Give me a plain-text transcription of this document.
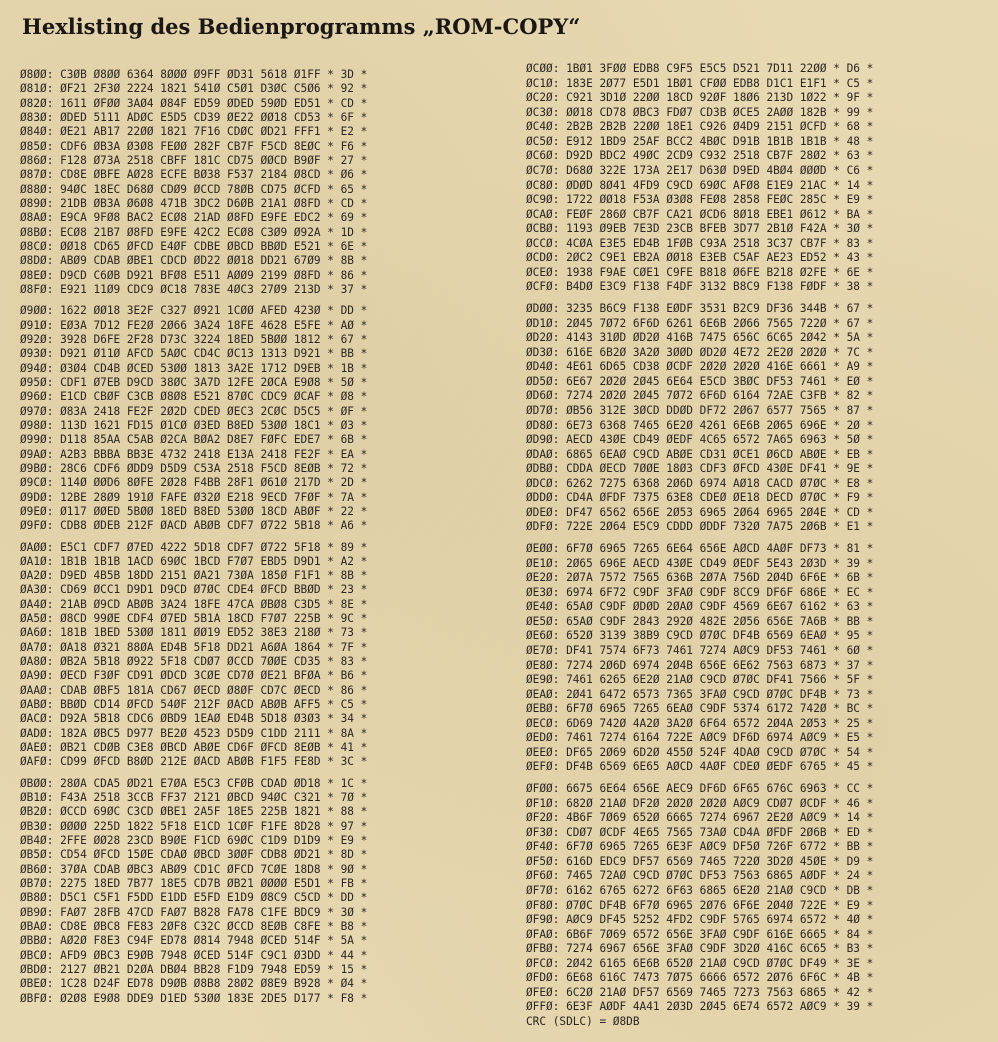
Hexlisting des Bedienprogramms „ROM-COPY“
Ø8ØØ: C3ØB Ø8ØØ 6364 8ØØØ Ø9FF ØD31 5618 Ø1FF * 3D *
Ø81Ø: ØF21 2F3Ø 2224 1821 541Ø C5Ø1 D3ØC C5Ø6 * 92 *
Ø82Ø: 1611 ØFØØ 3AØ4 Ø84F ED59 ØDED 59ØD ED51 * CD *
Ø83Ø: ØDED 5111 ADØC E5D5 CD39 ØE22 ØØ18 CD53 * 6F *
Ø84Ø: ØE21 AB17 22ØØ 1821 7F16 CDØC ØD21 FFF1 * E2 *
Ø85Ø: CDF6 ØB3A Ø3Ø8 FEØØ 282F CB7F F5CD 8EØC * F6 *
Ø86Ø: F128 Ø73A 2518 CBFF 181C CD75 ØØCD B9ØF * 27 *
Ø87Ø: CD8E ØBFE AØ28 ECFE BØ38 F537 2184 Ø8CD * Ø6 *
Ø88Ø: 94ØC 18EC D68Ø CDØ9 ØCCD 78ØB CD75 ØCFD * 65 *
Ø89Ø: 21DB ØB3A Ø6Ø8 471B 3DC2 D6ØB 21A1 Ø8FD * CD *
Ø8AØ: E9CA 9FØ8 BAC2 ECØ8 21AD Ø8FD E9FE EDC2 * 69 *
Ø8BØ: ECØ8 21B7 Ø8FD E9FE 42C2 ECØ8 C3Ø9 Ø92A * 1D *
Ø8CØ: ØØ18 CD65 ØFCD E4ØF CDBE ØBCD BBØD E521 * 6E *
Ø8DØ: ABØ9 CDAB ØBE1 CDCD ØD22 ØØ18 DD21 67Ø9 * 8B *
Ø8EØ: D9CD C6ØB D921 BFØ8 E511 AØØ9 2199 Ø8FD * 86 *
Ø8FØ: E921 11Ø9 CDC9 ØC18 783E 4ØC3 27Ø9 213D * 37 *
Ø9ØØ: 1622 ØØ18 3E2F C327 Ø921 1CØØ AFED 423Ø * DD *
Ø91Ø: EØ3A 7D12 FE2Ø 2Ø66 3A24 18FE 4628 E5FE * AØ *
Ø92Ø: 3928 D6FE 2F28 D73C 3224 18ED 5BØØ 1812 * 67 *
Ø93Ø: D921 Ø11Ø AFCD 5AØC CD4C ØC13 1313 D921 * BB *
Ø94Ø: Ø3Ø4 CD4B ØCED 53ØØ 1813 3A2E 1712 D9EB * 1B *
Ø95Ø: CDF1 Ø7EB D9CD 38ØC 3A7D 12FE 2ØCA E9Ø8 * 5Ø *
Ø96Ø: E1CD CBØF C3CB Ø8Ø8 E521 87ØC CDC9 ØCAF * Ø8 *
Ø97Ø: Ø83A 2418 FE2F 2Ø2D CDED ØEC3 2CØC D5C5 * ØF *
Ø98Ø: 113D 1621 FD15 Ø1CØ Ø3ED B8ED 53ØØ 18C1 * Ø3 *
Ø99Ø: D118 85AA C5AB Ø2CA BØA2 D8E7 FØFC EDE7 * 6B *
Ø9AØ: A2B3 BBBA BB3E 4732 2418 E13A 2418 FE2F * EA *
Ø9BØ: 28C6 CDF6 ØDD9 D5D9 C53A 2518 F5CD 8EØB * 72 *
Ø9CØ: 114Ø ØØD6 8ØFE 2Ø28 F4BB 28F1 Ø61Ø 217D * 2D *
Ø9DØ: 12BE 28Ø9 191Ø FAFE Ø32Ø E218 9ECD 7FØF * 7A *
Ø9EØ: Ø117 ØØED 5BØØ 18ED B8ED 53ØØ 18CD ABØF * 22 *
Ø9FØ: CDB8 ØDEB 212F ØACD ABØB CDF7 Ø722 5B18 * A6 *
ØAØØ: E5C1 CDF7 Ø7ED 4222 5D18 CDF7 Ø722 5F18 * 89 *
ØA1Ø: 1B1B 1B1B 1ACD 69ØC 1BCD F7Ø7 EBD5 D9D1 * A2 *
ØA2Ø: D9ED 4B5B 18DD 2151 ØA21 73ØA 185Ø F1F1 * 8B *
ØA3Ø: CD69 ØCC1 D9D1 D9CD Ø7ØC CDE4 ØFCD BBØD * 23 *
ØA4Ø: 21AB Ø9CD ABØB 3A24 18FE 47CA ØBØ8 C3D5 * 8E *
ØA5Ø: Ø8CD 99ØE CDF4 Ø7ED 5B1A 18CD F7Ø7 225B * 9C *
ØA6Ø: 181B 1BED 53ØØ 1811 ØØ19 ED52 38E3 218Ø * 73 *
ØA7Ø: ØA18 Ø321 88ØA ED4B 5F18 DD21 A6ØA 1864 * 7F *
ØA8Ø: ØB2A 5B18 Ø922 5F18 CDØ7 ØCCD 7ØØE CD35 * 83 *
ØA9Ø: ØECD F3ØF CD91 ØDCD 3CØE CD7Ø ØE21 BFØA * B6 *
ØAAØ: CDAB ØBF5 181A CD67 ØECD Ø8ØF CD7C ØECD * 86 *
ØABØ: BBØD CD14 ØFCD 54ØF 212F ØACD ABØB AFF5 * C5 *
ØACØ: D92A 5B18 CDC6 ØBD9 1EAØ ED4B 5D18 Ø3Ø3 * 34 *
ØADØ: 182A ØBC5 D977 BE2Ø 4523 D5D9 C1DD 2111 * 8A *
ØAEØ: ØB21 CDØB C3E8 ØBCD ABØE CD6F ØFCD 8EØB * 41 *
ØAFØ: CD99 ØFCD B8ØD 212E ØACD ABØB F1F5 FE8D * 3C *
ØBØØ: 28ØA CDA5 ØD21 E7ØA E5C3 CFØB CDAD ØD18 * 1C *
ØB1Ø: F43A 2518 3CCB FF37 2121 ØBCD 94ØC C321 * 7Ø *
ØB2Ø: ØCCD 69ØC C3CD ØBE1 2A5F 18E5 225B 1821 * 88 *
ØB3Ø: ØØØØ 225D 1822 5F18 E1CD 1CØF F1FE 8D28 * 97 *
ØB4Ø: 2FFE ØØ28 23CD B9ØE F1CD 69ØC C1D9 D1D9 * E9 *
ØB5Ø: CD54 ØFCD 15ØE CDAØ ØBCD 3ØØF CDB8 ØD21 * 8D *
ØB6Ø: 37ØA CDAB ØBC3 ABØ9 CD1C ØFCD 7CØE 18D8 * 9Ø *
ØB7Ø: 2275 18ED 7B77 18E5 CD7B ØB21 ØØØØ E5D1 * FB *
ØB8Ø: D5C1 C5F1 F5DD E1DD E5FD E1D9 Ø8C9 C5CD * DD *
ØB9Ø: FAØ7 28FB 47CD FAØ7 B828 FA78 C1FE BDC9 * 3Ø *
ØBAØ: CD8E ØBC8 FE83 2ØF8 C32C ØCCD 8EØB C8FE * B8 *
ØBBØ: AØ2Ø F8E3 C94F ED78 Ø814 7948 ØCED 514F * 5A *
ØBCØ: AFD9 ØBC3 E9ØB 7948 ØCED 514F C9C1 Ø3DD * 44 *
ØBDØ: 2127 ØB21 D2ØA DBØ4 BB28 F1D9 7948 ED59 * 15 *
ØBEØ: 1C28 D24F ED78 D9ØB Ø8B8 28Ø2 Ø8E9 B928 * Ø4 *
ØBFØ: Ø2Ø8 E9Ø8 DDE9 D1ED 53ØØ 183E 2DE5 D177 * F8 *
ØCØØ: 1BØ1 3FØØ EDB8 C9F5 E5C5 D521 7D11 22ØØ * D6 *
ØC1Ø: 183E 2Ø77 E5D1 1BØ1 CFØØ EDB8 D1C1 E1F1 * C5 *
ØC2Ø: C921 3D1Ø 22ØØ 18CD 92ØF 18Ø6 213D 1Ø22 * 9F *
ØC3Ø: ØØ18 CD78 ØBC3 FDØ7 CD3B ØCE5 2AØØ 182B * 99 *
ØC4Ø: 2B2B 2B2B 22ØØ 18E1 C926 Ø4D9 2151 ØCFD * 68 *
ØC5Ø: E912 1BD9 25AF BCC2 4BØC D91B 1B1B 1B1B * 48 *
ØC6Ø: D92D BDC2 49ØC 2CD9 C932 2518 CB7F 28Ø2 * 63 *
ØC7Ø: D68Ø 322E 173A 2E17 D63Ø D9ED 4BØ4 ØØØD * C6 *
ØC8Ø: ØDØD 8Ø41 4FD9 C9CD 69ØC AFØ8 E1E9 21AC * 14 *
ØC9Ø: 1722 ØØ18 F53A Ø3Ø8 FEØ8 2858 FEØC 285C * E9 *
ØCAØ: FEØF 286Ø CB7F CA21 ØCD6 8Ø18 EBE1 Ø612 * BA *
ØCBØ: 1193 Ø9EB 7E3D 23CB BFEB 3D77 2B1Ø F42A * 3Ø *
ØCCØ: 4CØA E3E5 ED4B 1FØB C93A 2518 3C37 CB7F * 83 *
ØCDØ: 2ØC2 C9E1 EB2A ØØ18 E3EB C5AF AE23 ED52 * 43 *
ØCEØ: 1938 F9AE CØE1 C9FE B818 Ø6FE B218 Ø2FE * 6E *
ØCFØ: B4DØ E3C9 F138 F4DF 3132 B8C9 F138 FØDF * 38 *
ØDØØ: 3235 B6C9 F138 EØDF 3531 B2C9 DF36 344B * 67 *
ØD1Ø: 2Ø45 7Ø72 6F6D 6261 6E6B 2Ø66 7565 722Ø * 67 *
ØD2Ø: 4143 31ØD ØD2Ø 416B 7475 656C 6C65 2Ø42 * 5A *
ØD3Ø: 616E 6B2Ø 3A2Ø 3ØØD ØD2Ø 4E72 2E2Ø 2Ø2Ø * 7C *
ØD4Ø: 4E61 6D65 CD38 ØCDF 2Ø2Ø 2Ø2Ø 416E 6661 * A9 *
ØD5Ø: 6E67 2Ø2Ø 2Ø45 6E64 E5CD 3BØC DF53 7461 * EØ *
ØD6Ø: 7274 2Ø2Ø 2Ø45 7Ø72 6F6D 6164 72AE C3FB * 82 *
ØD7Ø: ØB56 312E 3ØCD DDØD DF72 2Ø67 6577 7565 * 87 *
ØD8Ø: 6E73 6368 7465 6E2Ø 4261 6E6B 2Ø65 696E * 2Ø *
ØD9Ø: AECD 43ØE CD49 ØEDF 4C65 6572 7A65 6963 * 5Ø *
ØDAØ: 6865 6EAØ C9CD ABØE CD31 ØCE1 Ø6CD ABØE * EB *
ØDBØ: CDDA ØECD 7ØØE 18Ø3 CDF3 ØFCD 43ØE DF41 * 9E *
ØDCØ: 6262 7275 6368 2Ø6D 6974 AØ18 CACD Ø7ØC * E8 *
ØDDØ: CD4A ØFDF 7375 63E8 CDEØ ØE18 DECD Ø7ØC * F9 *
ØDEØ: DF47 6562 656E 2Ø53 6965 2Ø64 6965 2Ø4E * CD *
ØDFØ: 722E 2Ø64 E5C9 CDDD ØDDF 732Ø 7A75 2Ø6B * E1 *
ØEØØ: 6F7Ø 6965 7265 6E64 656E AØCD 4AØF DF73 * 81 *
ØE1Ø: 2Ø65 696E AECD 43ØE CD49 ØEDF 5E43 2Ø3D * 39 *
ØE2Ø: 2Ø7A 7572 7565 636B 2Ø7A 756D 2Ø4D 6F6E * 6B *
ØE3Ø: 6974 6F72 C9DF 3FAØ C9DF 8CC9 DF6F 686E * EC *
ØE4Ø: 65AØ C9DF ØDØD 2ØAØ C9DF 4569 6E67 6162 * 63 *
ØE5Ø: 65AØ C9DF 2843 292Ø 482E 2Ø56 656E 7A6B * BB *
ØE6Ø: 652Ø 3139 38B9 C9CD Ø7ØC DF4B 6569 6EAØ * 95 *
ØE7Ø: DF41 7574 6F73 7461 7274 AØC9 DF53 7461 * 6Ø *
ØE8Ø: 7274 2Ø6D 6974 2Ø4B 656E 6E62 7563 6873 * 37 *
ØE9Ø: 7461 6265 6E2Ø 21AØ C9CD Ø7ØC DF41 7566 * 5F *
ØEAØ: 2Ø41 6472 6573 7365 3FAØ C9CD Ø7ØC DF4B * 73 *
ØEBØ: 6F7Ø 6965 7265 6EAØ C9DF 5374 6172 742Ø * BC *
ØECØ: 6D69 742Ø 4A2Ø 3A2Ø 6F64 6572 2Ø4A 2Ø53 * 25 *
ØEDØ: 7461 7274 6164 722E AØC9 DF6D 6974 AØC9 * E5 *
ØEEØ: DF65 2Ø69 6D2Ø 455Ø 524F 4DAØ C9CD Ø7ØC * 54 *
ØEFØ: DF4B 6569 6E65 AØCD 4AØF CDEØ ØEDF 6765 * 45 *
ØFØØ: 6675 6E64 656E AEC9 DF6D 6F65 676C 6963 * CC *
ØF1Ø: 682Ø 21AØ DF2Ø 2Ø2Ø 2Ø2Ø AØC9 CDØ7 ØCDF * 46 *
ØF2Ø: 4B6F 7Ø69 652Ø 6665 7274 6967 2E2Ø AØC9 * 14 *
ØF3Ø: CDØ7 ØCDF 4E65 7565 73AØ CD4A ØFDF 2Ø6B * ED *
ØF4Ø: 6F7Ø 6965 7265 6E3F AØC9 DF5Ø 726F 6772 * BB *
ØF5Ø: 616D EDC9 DF57 6569 7465 722Ø 3D2Ø 45ØE * D9 *
ØF6Ø: 7465 72AØ C9CD Ø7ØC DF53 7563 6865 AØDF * 24 *
ØF7Ø: 6162 6765 6272 6F63 6865 6E2Ø 21AØ C9CD * DB *
ØF8Ø: Ø7ØC DF4B 6F7Ø 6965 2Ø76 6F6E 2Ø4Ø 722E * E9 *
ØF9Ø: AØC9 DF45 5252 4FD2 C9DF 5765 6974 6572 * 4Ø *
ØFAØ: 6B6F 7Ø69 6572 656E 3FAØ C9DF 616E 6665 * 84 *
ØFBØ: 7274 6967 656E 3FAØ C9DF 3D2Ø 416C 6C65 * B3 *
ØFCØ: 2Ø42 6165 6E6B 652Ø 21AØ C9CD Ø7ØC DF49 * 3E *
ØFDØ: 6E68 616C 7473 7Ø75 6666 6572 2Ø76 6F6C * 4B *
ØFEØ: 6C2Ø 21AØ DF57 6569 7465 7273 7563 6865 * 42 *
ØFFØ: 6E3F AØDF 4A41 2Ø3D 2Ø45 6E74 6572 AØC9 * 39 *
CRC (SDLC) = Ø8DB
